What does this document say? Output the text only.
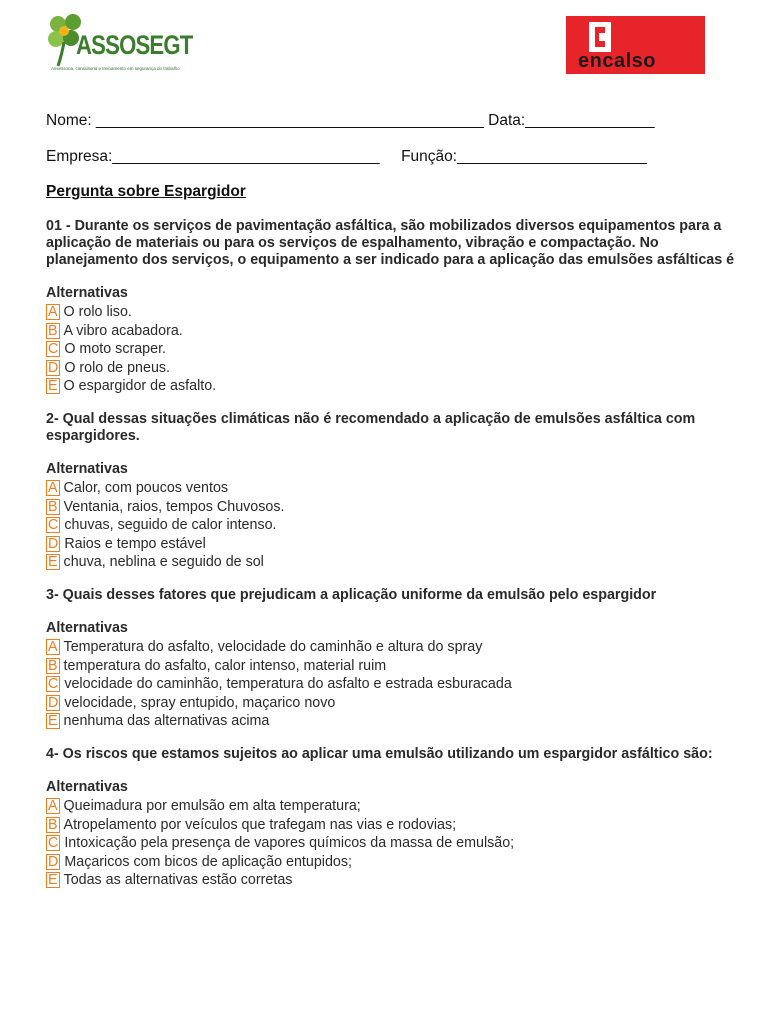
ASSOSEGT
Assessoria, consultoria e treinamento em segurança do trabalho	encalso
Nome: _____________________________________________ Data:_______________
Empresa:_______________________________     Função:______________________
Pergunta sobre Espargidor

01 - Durante os serviços de pavimentação asfáltica, são mobilizados diversos equipamentos para a aplicação de materiais ou para os serviços de espalhamento, vibração e compactação. No planejamento dos serviços, o equipamento a ser indicado para a aplicação das emulsões asfálticas é

Alternativas
A O rolo liso.
B A vibro acabadora.
C O moto scraper.
D O rolo de pneus.
E O espargidor de asfalto.

2- Qual dessas situações climáticas não é recomendado a aplicação de emulsões asfáltica com espargidores.

Alternativas
A Calor, com poucos ventos
B Ventania, raios, tempos Chuvosos.
C chuvas, seguido de calor intenso.
D Raios e tempo estável
E chuva, neblina e seguido de sol

3- Quais desses fatores que prejudicam a aplicação uniforme da emulsão pelo espargidor

Alternativas
A Temperatura do asfalto, velocidade do caminhão e altura do spray
B temperatura do asfalto, calor intenso, material ruim
C velocidade do caminhão, temperatura do asfalto e estrada esburacada
D velocidade, spray entupido, maçarico novo
E nenhuma das alternativas acima

4- Os riscos que estamos sujeitos ao aplicar uma emulsão utilizando um espargidor asfáltico são:

Alternativas
A Queimadura por emulsão em alta temperatura;
B Atropelamento por veículos que trafegam nas vias e rodovias;
C Intoxicação pela presença de vapores químicos da massa de emulsão;
D Maçaricos com bicos de aplicação entupidos;
E Todas as alternativas estão corretas
